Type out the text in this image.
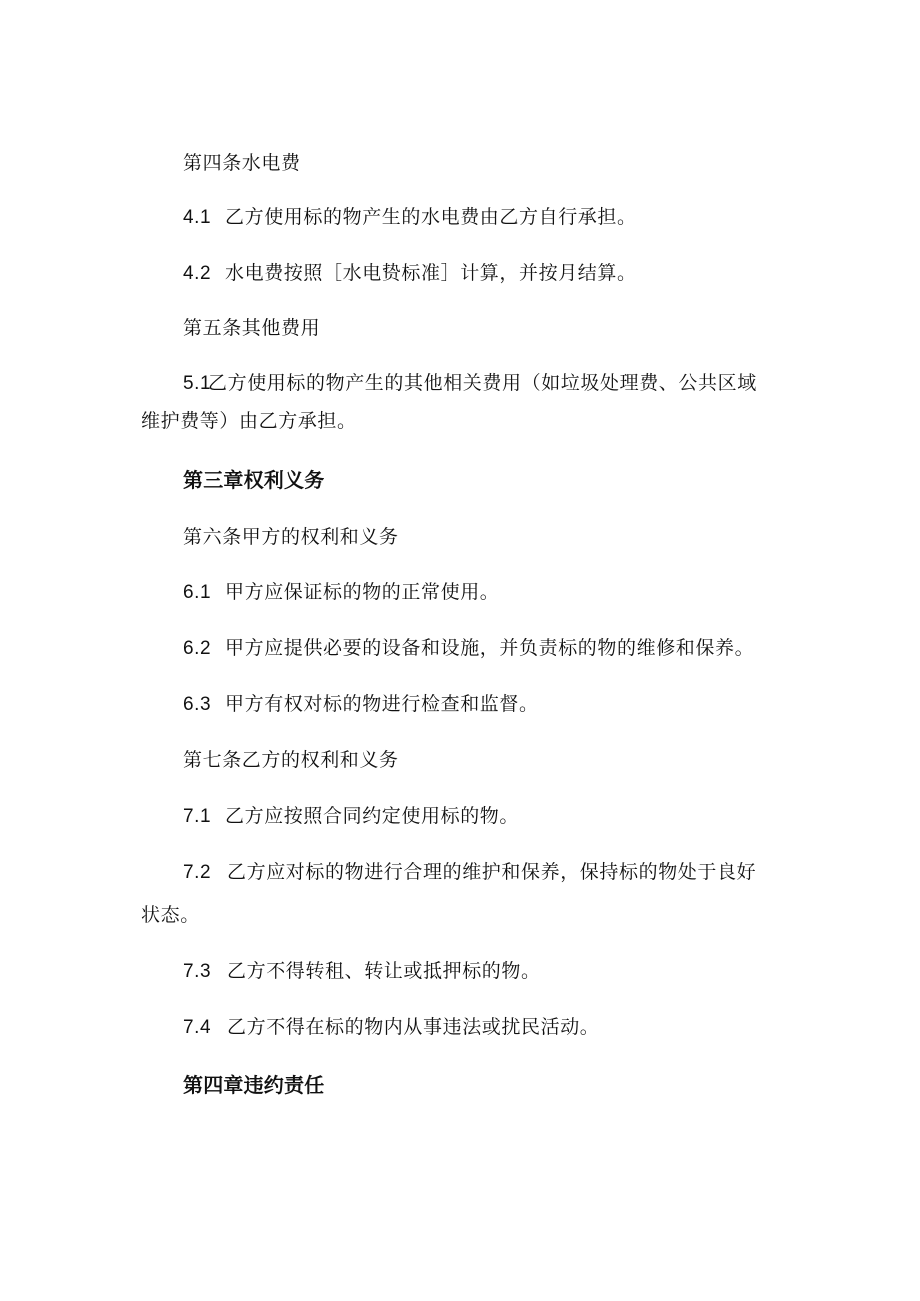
第四条水电费

4.1 乙方使用标的物产生的水电费由乙方自行承担。

4.2 水电费按照［水电贽标准］计算，并按月结算。

第五条其他费用

5.1乙方使用标的物产生的其他相关费用（如垃圾处理费、公共区域

维护费等）由乙方承担。

第三章权利义务

第六条甲方的权利和义务

6.1 甲方应保证标的物的正常使用。

6.2 甲方应提供必要的设备和设施，并负责标的物的维修和保养。

6.3 甲方有权对标的物进行检查和监督。

第七条乙方的权利和义务

7.1 乙方应按照合同约定使用标的物。

7.2 乙方应对标的物进行合理的维护和保养，保持标的物处于良好

状态。

7.3 乙方不得转租、转让或抵押标的物。

7.4 乙方不得在标的物内从事违法或扰民活动。

第四章违约责任
